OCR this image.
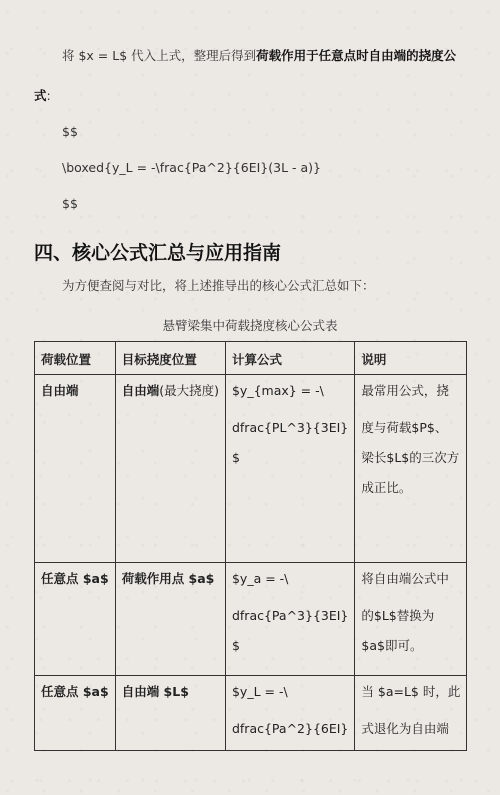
将 $x = L$ 代入上式，整理后得到荷载作用于任意点时自由端的挠度公
式:
$$
\boxed{y_L = -\frac{Pa^2}{6EI}(3L - a)}
$$
四、核心公式汇总与应用指南
为方便查阅与对比，将上述推导出的核心公式汇总如下：
悬臂梁集中荷载挠度核心公式表
荷载位置	目标挠度位置	计算公式	说明

自由端	自由端(最大挠度)	$y_{max} = -\
dfrac{PL^3}{3EI}
$	最常用公式，挠
度与荷载$P$、
梁长$L$的三次方
成正比。

任意点 $a$	荷载作用点 $a$	$y_a = -\
dfrac{Pa^3}{3EI}
$	将自由端公式中
的$L$替换为
$a$即可。

任意点 $a$	自由端 $L$	$y_L = -\
dfrac{Pa^2}{6EI}	当 $a=L$ 时，此
式退化为自由端
